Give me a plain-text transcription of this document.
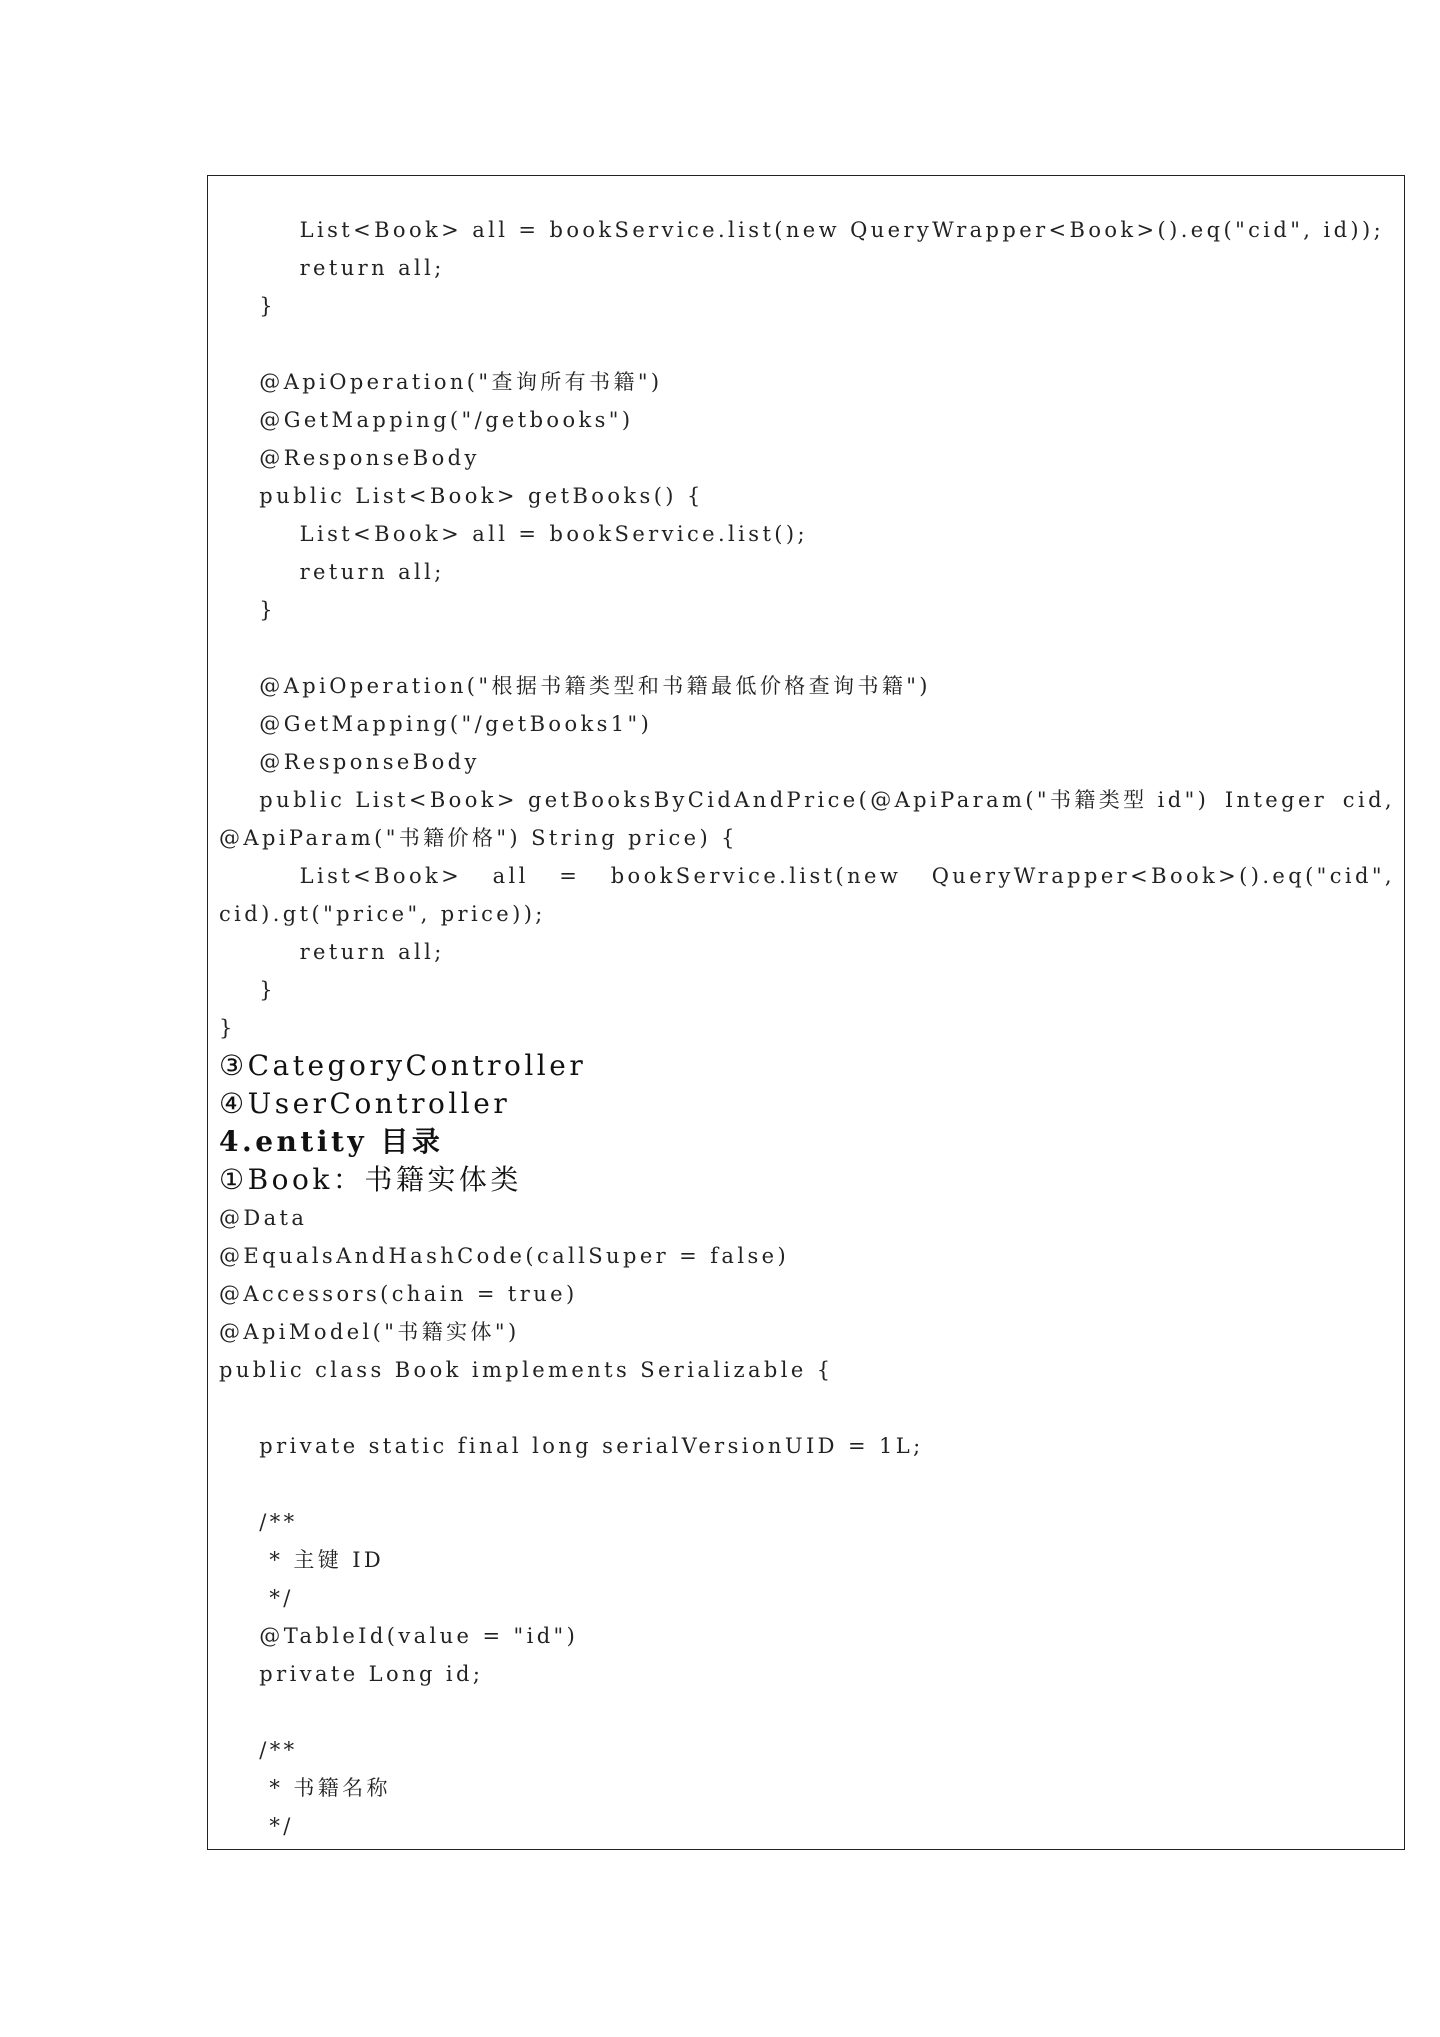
List<Book> all = bookService.list(new QueryWrapper<Book>().eq("cid", id));
return all;
}
@ApiOperation("查询所有书籍")
@GetMapping("/getbooks")
@ResponseBody
public List<Book> getBooks() {
List<Book> all = bookService.list();
return all;
}
@ApiOperation("根据书籍类型和书籍最低价格查询书籍")
@GetMapping("/getBooks1")
@ResponseBody
public List<Book> getBooksByCidAndPrice(@ApiParam("书籍类型 id") Integer cid,
@ApiParam("书籍价格") String price) {
List<Book> all = bookService.list(new QueryWrapper<Book>().eq("cid",
cid).gt("price", price));
return all;
}
}
③CategoryController
④UserController
4.entity 目录
①Book：书籍实体类
@Data
@EqualsAndHashCode(callSuper = false)
@Accessors(chain = true)
@ApiModel("书籍实体")
public class Book implements Serializable {
private static final long serialVersionUID = 1L;
/**
* 主键 ID
*/
@TableId(value = "id")
private Long id;
/**
* 书籍名称
*/
